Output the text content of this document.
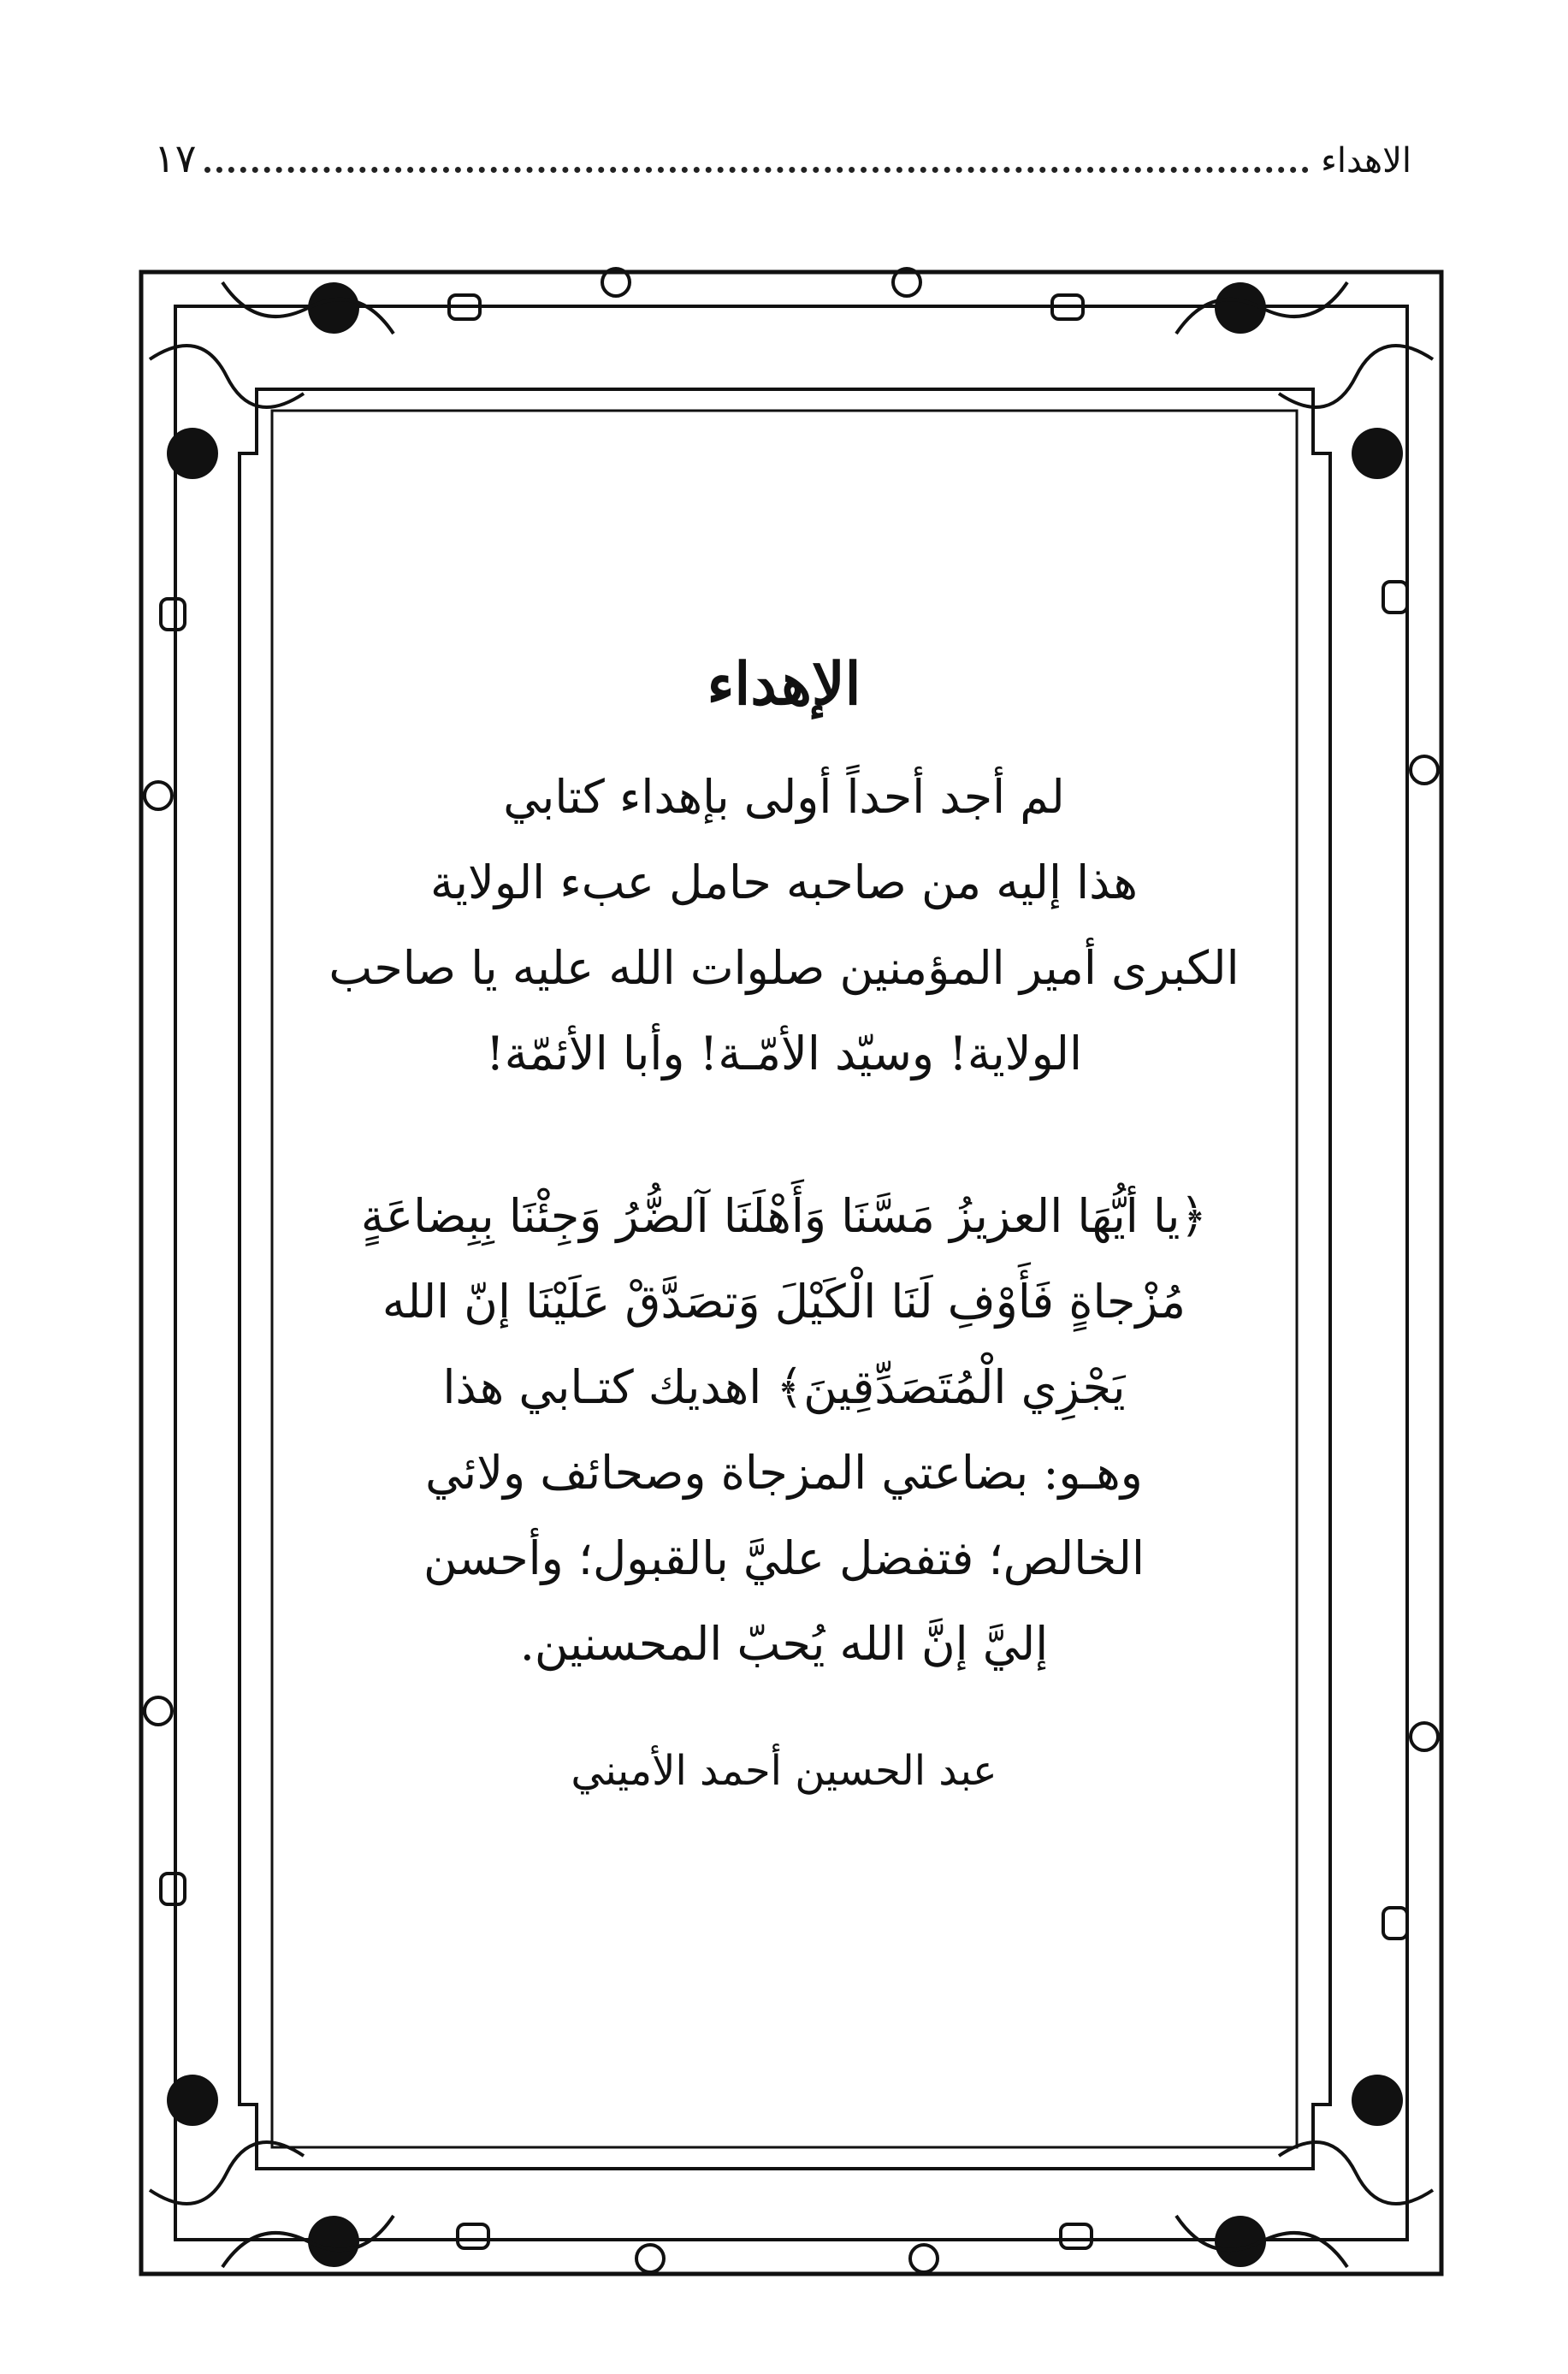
١٧	الاهداء
الإهداء

لم أجد أحداً أولى بإهداء كتابي

هذا إليه من صاحبه حامل عبء الولاية

الكبرى أمير المؤمنين صلوات الله عليه يا صاحب

الولاية! وسيّد الأمّـة! وأبا الأئمّة!

﴿يا أيُّهَا العزيزُ مَسَّنَا وَأَهْلَنَا آلضُّرُ وَجِئْنَا بِبِضاعَةٍ

مُزْجاةٍ فَأَوْفِ لَنَا الْكَيْلَ وَتصَدَّقْ عَلَيْنَا إنّ الله

يَجْزِي الْمُتَصَدِّقِينَ﴾ اهديك كتـابي هذا

وهـو: بضاعتي المزجاة وصحائف ولائي

الخالص؛ فتفضل عليَّ بالقبول؛ وأحسن

إليَّ إنَّ الله يُحبّ المحسنين.

عبد الحسين أحمد الأميني
